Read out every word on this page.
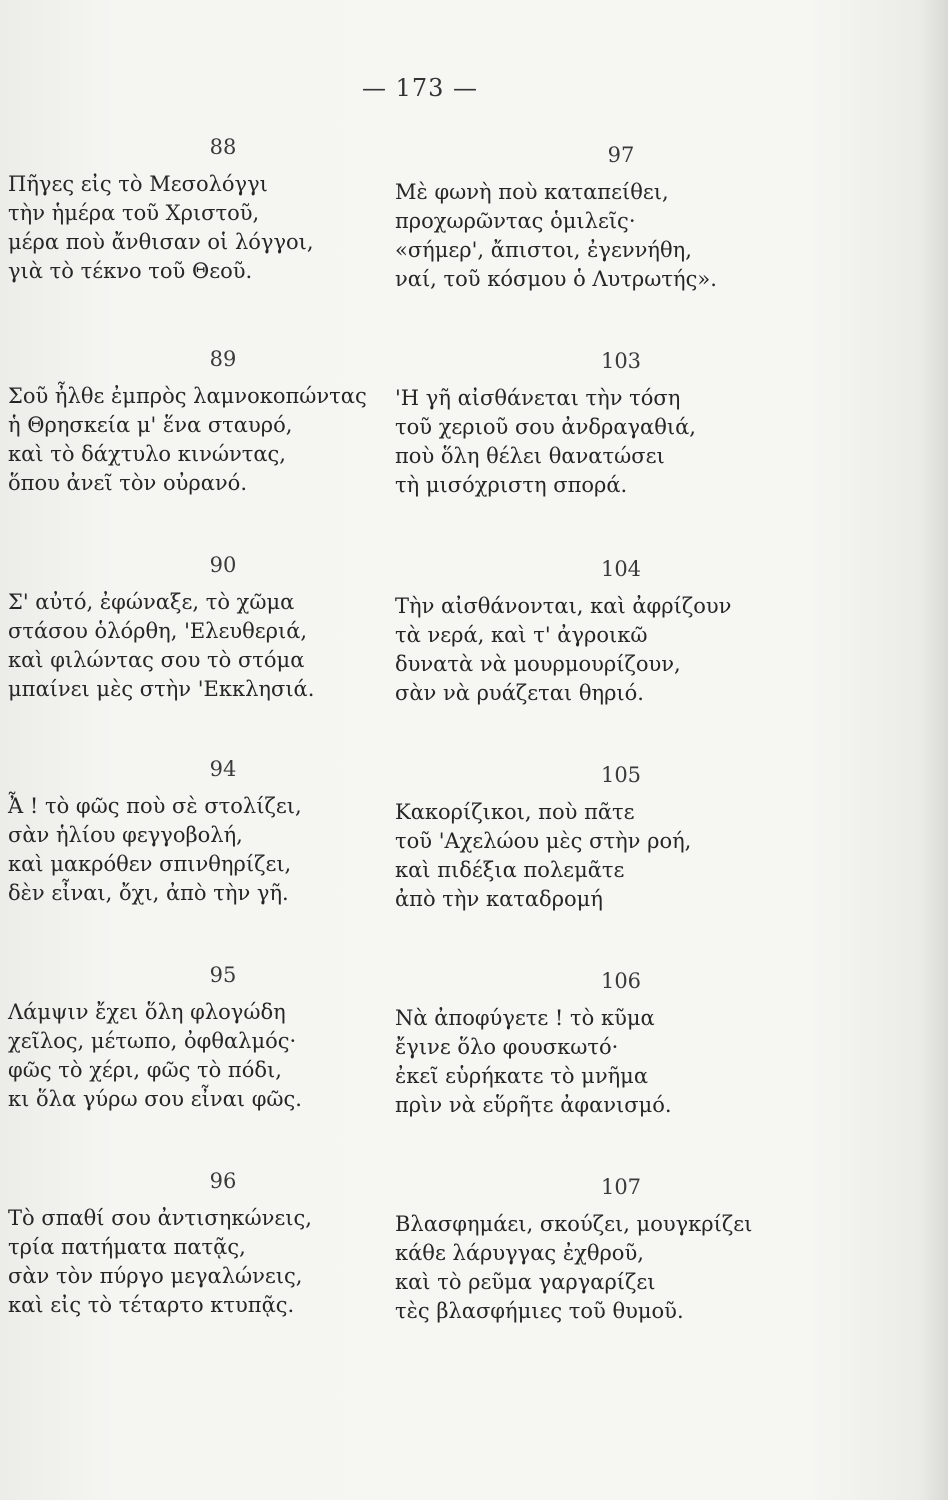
— 173 —
88
Πῆγες εἰς τὸ Μεσολόγγι
τὴν ἡμέρα τοῦ Χριστοῦ,
μέρα ποὺ ἄνθισαν οἱ λόγγοι,
γιὰ τὸ τέκνο τοῦ Θεοῦ.
89
Σοῦ ἦλθε ἐμπρὸς λαμνοκοπώντας
ἡ Θρησκεία μ' ἕνα σταυρό,
καὶ τὸ δάχτυλο κινώντας,
ὅπου ἀνεῖ τὸν οὐρανό.
90
Σ' αὐτό, ἐφώναξε, τὸ χῶμα
στάσου ὁλόρθη, 'Ελευθεριά,
καὶ φιλώντας σου τὸ στόμα
μπαίνει μὲς στὴν 'Εκκλησιά.
94
Ἆ ! τὸ φῶς ποὺ σὲ στολίζει,
σὰν ἡλίου φεγγοβολή,
καὶ μακρόθεν σπινθηρίζει,
δὲν εἶναι, ὄχι, ἀπὸ τὴν γῆ.
95
Λάμψιν ἔχει ὅλη φλογώδη
χεῖλος, μέτωπο, ὀφθαλμός·
φῶς τὸ χέρι, φῶς τὸ πόδι,
κι ὅλα γύρω σου εἶναι φῶς.
96
Τὸ σπαθί σου ἀντισηκώνεις,
τρία πατήματα πατᾷς,
σὰν τὸν πύργο μεγαλώνεις,
καὶ εἰς τὸ τέταρτο κτυπᾷς.
97
Μὲ φωνὴ ποὺ καταπείθει,
προχωρῶντας ὁμιλεῖς·
«σήμερ', ἄπιστοι, ἐγεννήθη,
ναί, τοῦ κόσμου ὁ Λυτρωτής».
103
'Η γῆ αἰσθάνεται τὴν τόση
τοῦ χεριοῦ σου ἀνδραγαθιά,
ποὺ ὅλη θέλει θανατώσει
τὴ μισόχριστη σπορά.
104
Τὴν αἰσθάνονται, καὶ ἀφρίζουν
τὰ νερά, καὶ τ' ἀγροικῶ
δυνατὰ νὰ μουρμουρίζουν,
σὰν νὰ ρυάζεται θηριό.
105
Κακορίζικοι, ποὺ πᾶτε
τοῦ 'Αχελώου μὲς στὴν ροή,
καὶ πιδέξια πολεμᾶτε
ἀπὸ τὴν καταδρομή
106
Νὰ ἀποφύγετε ! τὸ κῦμα
ἔγινε ὅλο φουσκωτό·
ἐκεῖ εὑρήκατε τὸ μνῆμα
πρὶν νὰ εὕρῆτε ἀφανισμό.
107
Βλασφημάει, σκούζει, μουγκρίζει
κάθε λάρυγγας ἐχθροῦ,
καὶ τὸ ρεῦμα γαργαρίζει
τὲς βλασφήμιες τοῦ θυμοῦ.
